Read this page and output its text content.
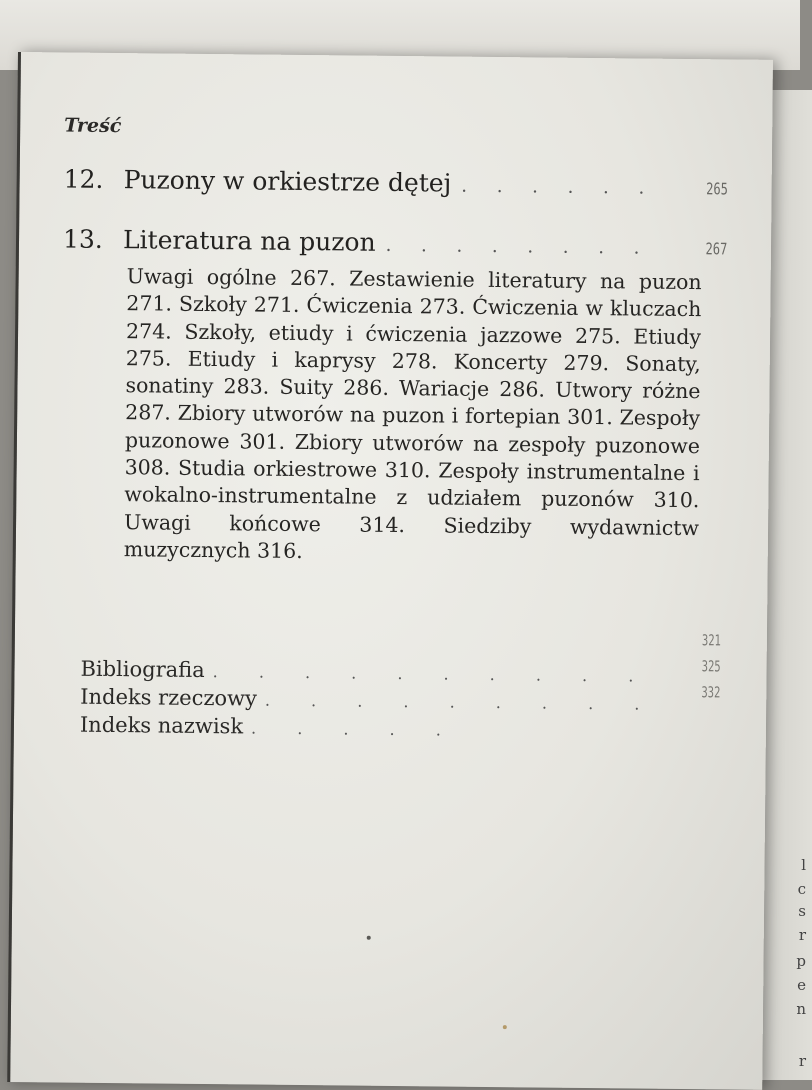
l
c
s
r
p
e
n
r
Treść
12. Puzony w orkiestrze dętej . . . . . .	265
13. Literatura na puzon . . . . . . . .	267
Uwagi ogólne 267. Zestawienie literatury na puzon 271. Szkoły 271. Ćwiczenia 273. Ćwiczenia w kluczach 274. Szkoły, etiudy i ćwiczenia jazzowe 275. Etiudy 275. Etiudy i kaprysy 278. Koncerty 279. Sonaty, sonatiny 283. Suity 286. Wariacje 286. Utwory różne 287. Zbiory utworów na puzon i fortepian 301. Zespoły puzonowe 301. Zbiory utworów na zespoły puzonowe 308. Studia orkiestrowe 310. Zespoły instrumentalne i wokalno-instrumentalne z udziałem puzonów 310. Uwagi końcowe 314. Siedziby wydawnictw muzycznych 316.
321
325
332
Bibliografia . . . . . . . . . .
Indeks rzeczowy . . . . . . . . .
Indeks nazwisk . . . . .
